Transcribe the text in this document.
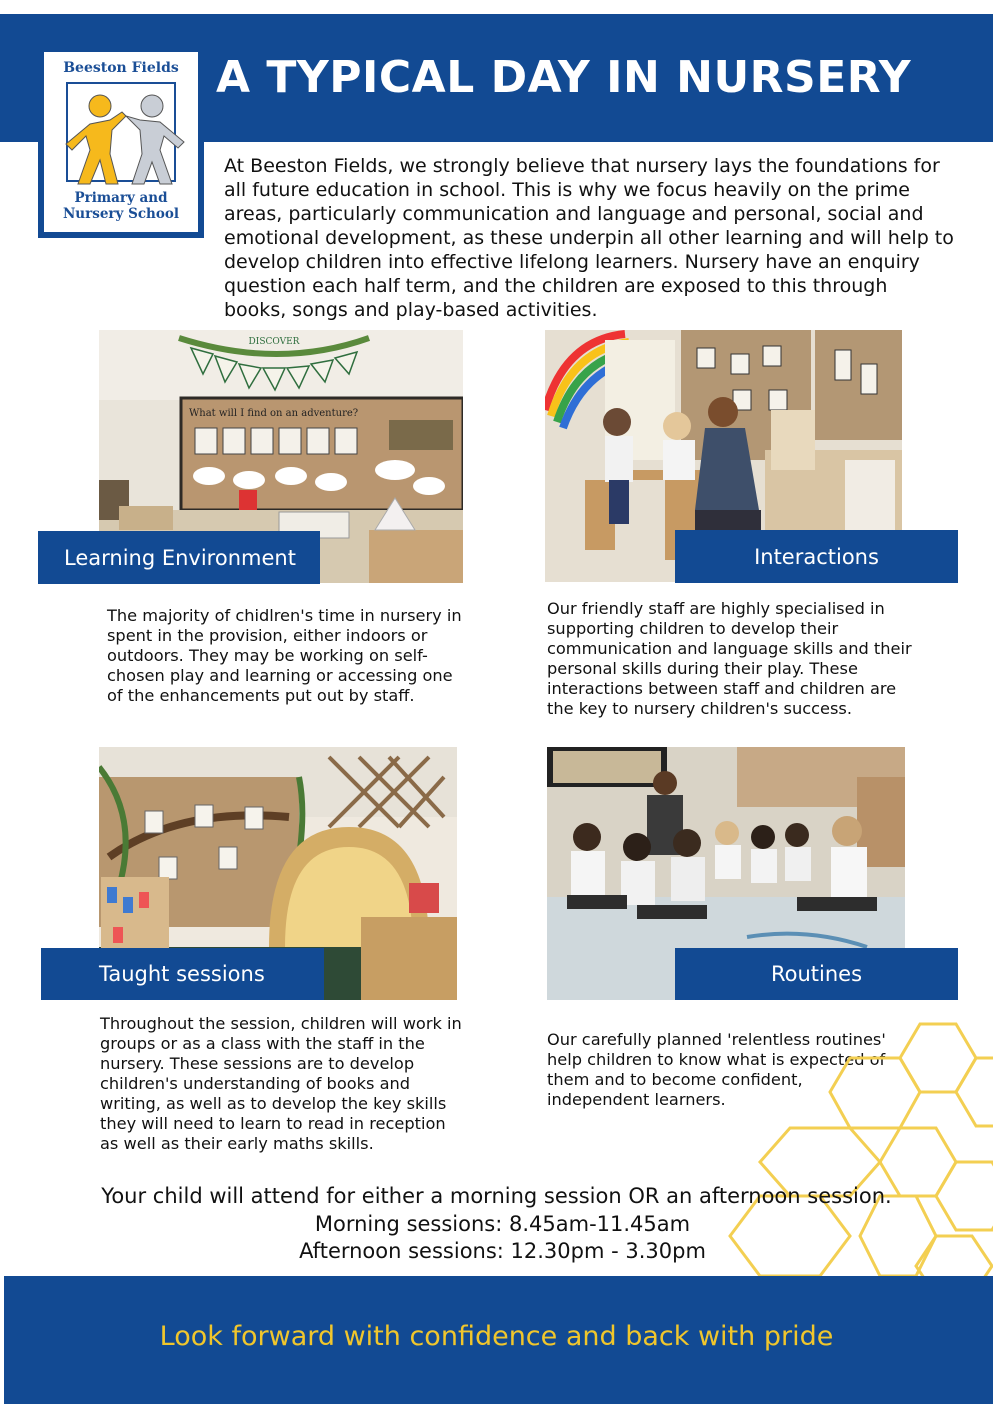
Beeston Fields
Primary and
Nursery School
A TYPICAL DAY IN NURSERY
At Beeston Fields, we strongly believe that nursery lays the foundations for all future education in school. This is why we focus heavily on the prime areas, particularly communication and language and personal, social and emotional development, as these underpin all other learning and will help to develop children into effective lifelong learners. Nursery have an enquiry question each half term, and the children are exposed to this through books, songs and play-based activities.
DISCOVER
What will I find on an adventure?
Learning Environment
The majority of chidlren's time in nursery in spent in the provision, either indoors or outdoors. They may be working on self-chosen play and learning or accessing one of the enhancements put out by staff.
Interactions
Our friendly staff are highly specialised in supporting children to develop their communication and language skills and their personal skills during their play. These interactions between staff and children are the key to nursery children's success.
Taught sessions
Throughout the session, children will work in groups or as a class with the staff in the nursery. These sessions are to develop children's understanding of books and writing, as well as to develop the key skills they will need to learn to read in reception as well as their early maths skills.
Routines
Our carefully planned 'relentless routines' help children to know what is expected of them and to become confident, independent learners.
Your child will attend for either a morning session OR an afternoon session.
Morning sessions: 8.45am-11.45am
Afternoon sessions: 12.30pm - 3.30pm
Look forward with confidence and back with pride
